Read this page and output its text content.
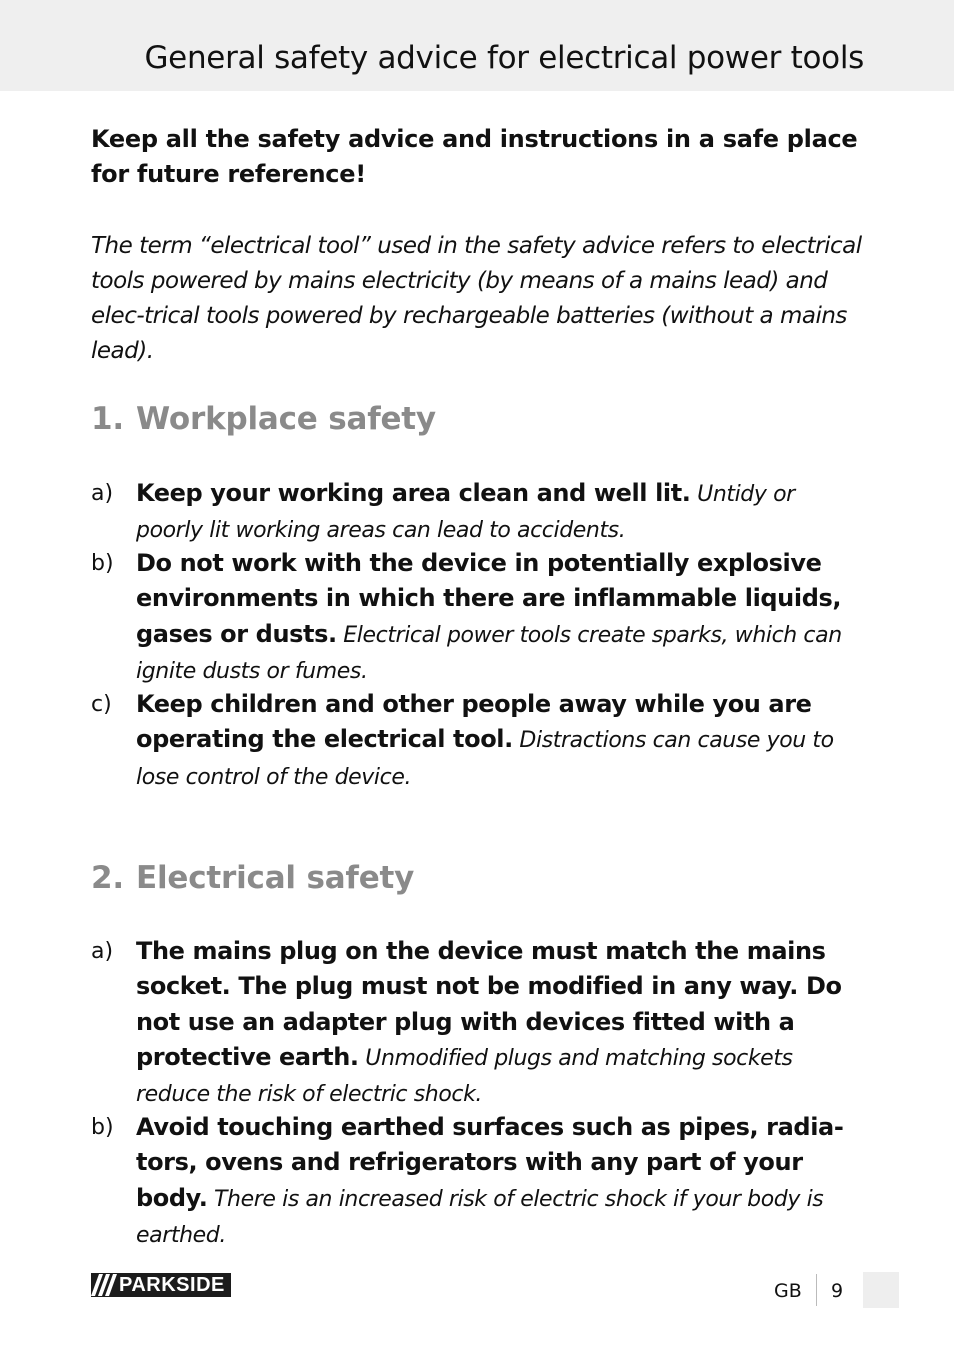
General safety advice for electrical power tools
Keep all the safety advice and instructions in a safe place for future reference!
The term “electrical tool” used in the safety advice refers to electrical tools powered by mains electricity (by means of a mains lead) and elec-trical tools powered by rechargeable batteries (without a mains lead).
1. Workplace safety
a) Keep your working area clean and well lit. Untidy or poorly lit working areas can lead to accidents.
b) Do not work with the device in potentially explosive environments in which there are inflammable liquids, gases or dusts. Electrical power tools create sparks, which can ignite dusts or fumes.
c) Keep children and other people away while you are operating the electrical tool. Distractions can cause you to lose control of the device.
2. Electrical safety
a) The mains plug on the device must match the mains socket. The plug must not be modified in any way. Do not use an adapter plug with devices fitted with a protective earth. Unmodified plugs and matching sockets reduce the risk of electric shock.
b) Avoid touching earthed surfaces such as pipes, radia-tors, ovens and refrigerators with any part of your body. There is an increased risk of electric shock if your body is earthed.
PARKSIDE	GB 9
